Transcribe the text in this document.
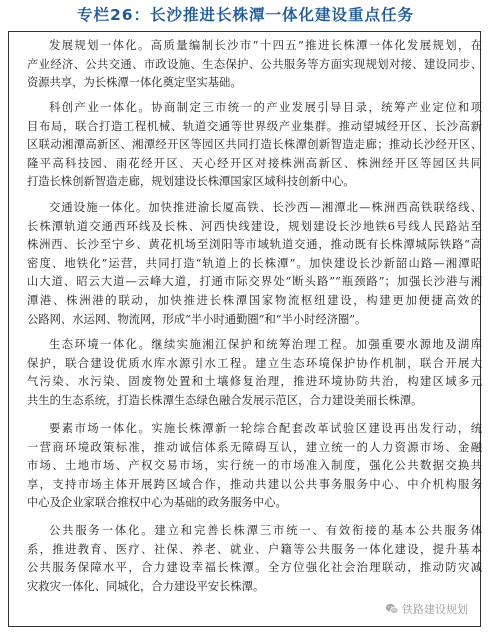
专栏26：长沙推进长株潭一体化建设重点任务
发展规划一体化。高质量编制长沙市“十四五”推进长株潭一体化发展规划，在
产业经济、公共交通、市政设施、生态保护、公共服务等方面实现规划对接、建设同步、
资源共享，为长株潭一体化奠定坚实基础。
科创产业一体化。协商制定三市统一的产业发展引导目录，统筹产业定位和项
目布局，联合打造工程机械、轨道交通等世界级产业集群。推动望城经开区、长沙高新
区联动湘潭高新区、湘潭经开区等园区共同打造长株潭创新智造走廊；推动长沙经开区、
隆平高科技园、雨花经开区、天心经开区对接株洲高新区、株洲经开区等园区共同
打造长株创新智造走廊，规划建设长株潭国家区域科技创新中心。
交通设施一体化。加快推进渝长厦高铁、长沙西—湘潭北—株洲西高铁联络线、
长株潭轨道交通西环线及长株、河西快线建设，规划建设长沙地铁6号线人民路站至
株洲西、长沙至宁乡、黄花机场至浏阳等市域轨道交通，推动既有长株潭城际铁路“高
密度、地铁化”运营，共同打造“轨道上的长株潭”。加快建设长沙新韶山路—湘潭昭
山大道、昭云大道—云峰大道，打通市际交界处“断头路”“瓶颈路”；加强长沙港与湘
潭港、株洲港的联动，加快推进长株潭国家物流枢纽建设，构建更加便捷高效的
公路网、水运网、物流网，形成“半小时通勤圈”和“半小时经济圈”。
生态环境一体化。继续实施湘江保护和统筹治理工程。加强重要水源地及湖库
保护，联合建设优质水库水源引水工程。建立生态环境保护协作机制，联合开展大
气污染、水污染、固废物处置和土壤修复治理，推进环境协防共治，构建区域多元
共生的生态系统，打造长株潭生态绿色融合发展示范区，合力建设美丽长株潭。
要素市场一体化。实施长株潭新一轮综合配套改革试验区建设再出发行动，统
一营商环境政策标准，推动诚信体系无障碍互认，建立统一的人力资源市场、金融
市场、土地市场、产权交易市场，实行统一的市场准入制度，强化公共数据交换共
享，支持市场主体开展跨区域合作，推动共建以公共事务服务中心、中介机构服务
中心及企业家联合推权中心为基础的政务服务中心。
公共服务一体化。建立和完善长株潭三市统一、有效衔接的基本公共服务体
系，推进教育、医疗、社保、养老、就业、户籍等公共服务一体化建设，提升基本
公共服务保障水平，合力建设幸福长株潭。全方位强化社会治理联动，推动防灾减
灾救灾一体化、同城化，合力建设平安长株潭。
铁路建设规划
